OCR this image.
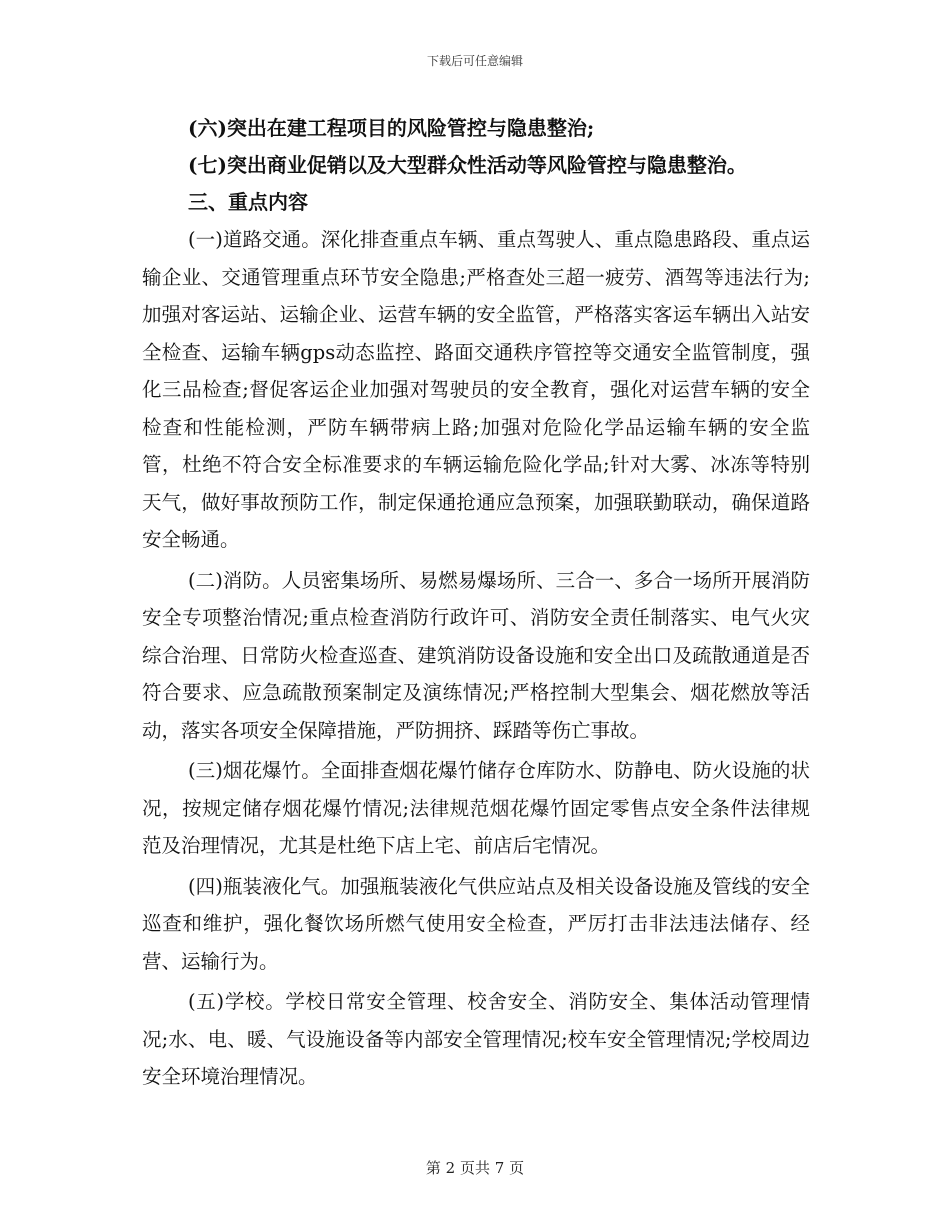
下载后可任意编辑
(六)突出在建工程项目的风险管控与隐患整治;
(七)突出商业促销以及大型群众性活动等风险管控与隐患整治。
三、重点内容

(一)道路交通。深化排查重点车辆、重点驾驶人、重点隐患路段、重点运输企业、交通管理重点环节安全隐患;严格查处三超一疲劳、酒驾等违法行为;加强对客运站、运输企业、运营车辆的安全监管，严格落实客运车辆出入站安全检查、运输车辆gps动态监控、路面交通秩序管控等交通安全监管制度，强化三品检查;督促客运企业加强对驾驶员的安全教育，强化对运营车辆的安全检查和性能检测，严防车辆带病上路;加强对危险化学品运输车辆的安全监管，杜绝不符合安全标准要求的车辆运输危险化学品;针对大雾、冰冻等特别天气，做好事故预防工作，制定保通抢通应急预案，加强联勤联动，确保道路安全畅通。

(二)消防。人员密集场所、易燃易爆场所、三合一、多合一场所开展消防安全专项整治情况;重点检查消防行政许可、消防安全责任制落实、电气火灾综合治理、日常防火检查巡查、建筑消防设备设施和安全出口及疏散通道是否符合要求、应急疏散预案制定及演练情况;严格控制大型集会、烟花燃放等活动，落实各项安全保障措施，严防拥挤、踩踏等伤亡事故。

(三)烟花爆竹。全面排查烟花爆竹储存仓库防水、防静电、防火设施的状况，按规定储存烟花爆竹情况;法律规范烟花爆竹固定零售点安全条件法律规范及治理情况，尤其是杜绝下店上宅、前店后宅情况。

(四)瓶装液化气。加强瓶装液化气供应站点及相关设备设施及管线的安全巡查和维护，强化餐饮场所燃气使用安全检查，严厉打击非法违法储存、经营、运输行为。

(五)学校。学校日常安全管理、校舍安全、消防安全、集体活动管理情况;水、电、暖、气设施设备等内部安全管理情况;校车安全管理情况;学校周边安全环境治理情况。

第 2 页共 7 页
